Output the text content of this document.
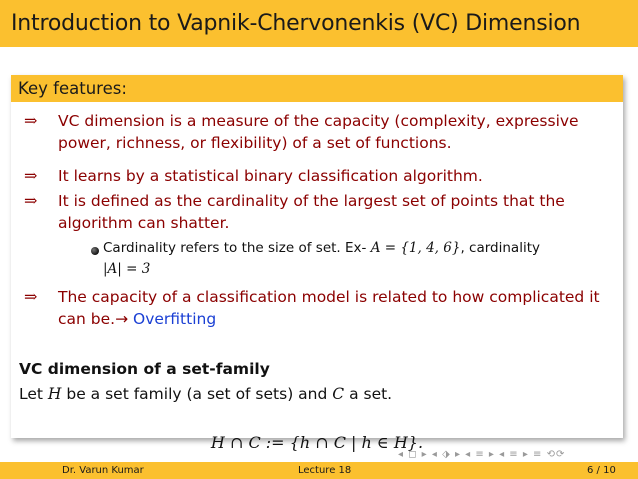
Introduction to Vapnik-Chervonenkis (VC) Dimension
Key features:
⇒ VC dimension is a measure of the capacity (complexity, expressive power, richness, or flexibility) of a set of functions.
⇒ It learns by a statistical binary classification algorithm.
⇒ It is defined as the cardinality of the largest set of points that the algorithm can shatter.
Cardinality refers to the size of set. Ex- A = {1, 4, 6}, cardinality
|A| = 3
⇒ The capacity of a classification model is related to how complicated it can be.→ Overfitting
VC dimension of a set-family
Let H be a set family (a set of sets) and C a set.
H ∩ C := {h ∩ C | h ∈ H}.
◂ ◻ ▸ ◂ ⬗ ▸ ◂ ≡ ▸ ◂ ≡ ▸ ≡ ⟲⟳
Dr. Varun Kumar	Lecture 18	6 / 10
